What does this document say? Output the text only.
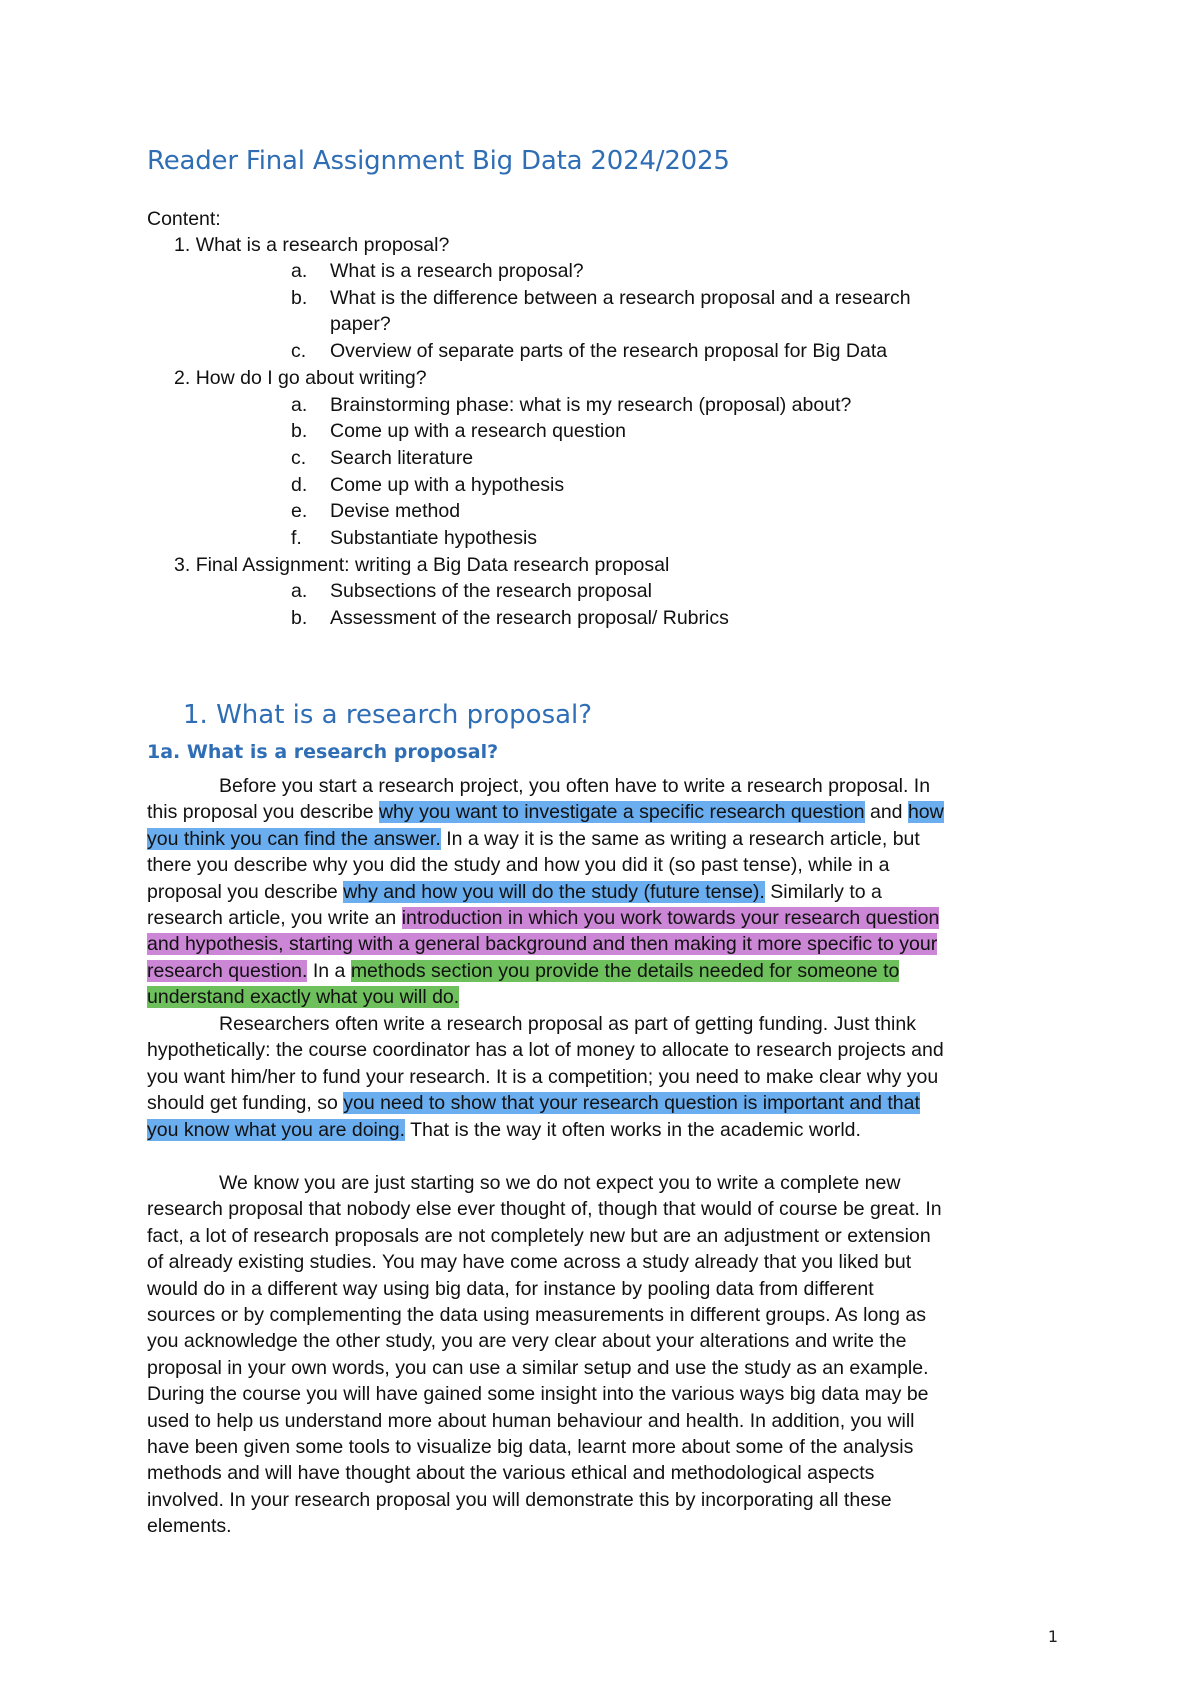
Reader Final Assignment Big Data 2024/2025
Content:
1. What is a research proposal?
a. What is a research proposal?
b. What is the difference between a research proposal and a research
paper?
c. Overview of separate parts of the research proposal for Big Data
2. How do I go about writing?
a. Brainstorming phase: what is my research (proposal) about?
b. Come up with a research question
c. Search literature
d. Come up with a hypothesis
e. Devise method
f. Substantiate hypothesis
3. Final Assignment: writing a Big Data research proposal
a. Subsections of the research proposal
b. Assessment of the research proposal/ Rubrics
1. What is a research proposal?
1a. What is a research proposal?
Before you start a research project, you often have to write a research proposal. In
this proposal you describe why you want to investigate a specific research question and how
you think you can find the answer. In a way it is the same as writing a research article, but
there you describe why you did the study and how you did it (so past tense), while in a
proposal you describe why and how you will do the study (future tense). Similarly to a
research article, you write an introduction in which you work towards your research question
and hypothesis, starting with a general background and then making it more specific to your
research question. In a methods section you provide the details needed for someone to
understand exactly what you will do.
Researchers often write a research proposal as part of getting funding. Just think
hypothetically: the course coordinator has a lot of money to allocate to research projects and
you want him/her to fund your research. It is a competition; you need to make clear why you
should get funding, so you need to show that your research question is important and that
you know what you are doing. That is the way it often works in the academic world.
We know you are just starting so we do not expect you to write a complete new
research proposal that nobody else ever thought of, though that would of course be great. In
fact, a lot of research proposals are not completely new but are an adjustment or extension
of already existing studies. You may have come across a study already that you liked but
would do in a different way using big data, for instance by pooling data from different
sources or by complementing the data using measurements in different groups. As long as
you acknowledge the other study, you are very clear about your alterations and write the
proposal in your own words, you can use a similar setup and use the study as an example.
During the course you will have gained some insight into the various ways big data may be
used to help us understand more about human behaviour and health. In addition, you will
have been given some tools to visualize big data, learnt more about some of the analysis
methods and will have thought about the various ethical and methodological aspects
involved. In your research proposal you will demonstrate this by incorporating all these
elements.
1
